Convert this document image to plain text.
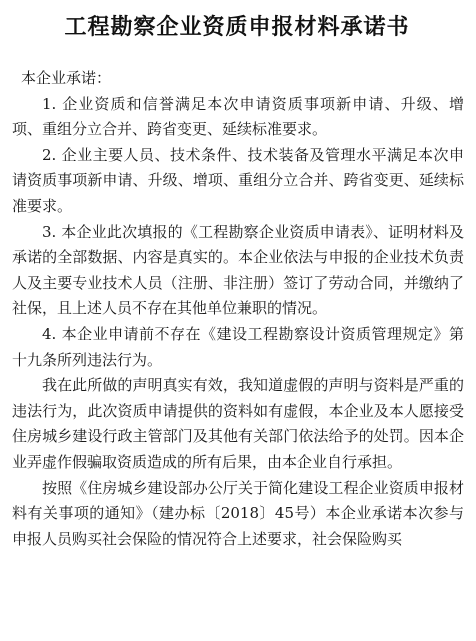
工程勘察企业资质申报材料承诺书

本企业承诺：

1. 企业资质和信誉满足本次申请资质事项新申请、升级、增项、重组分立合并、跨省变更、延续标准要求。

2. 企业主要人员、技术条件、技术装备及管理水平满足本次申请资质事项新申请、升级、增项、重组分立合并、跨省变更、延续标准要求。

3. 本企业此次填报的《工程勘察企业资质申请表》、证明材料及承诺的全部数据、内容是真实的。本企业依法与申报的企业技术负责人及主要专业技术人员（注册、非注册）签订了劳动合同，并缴纳了社保，且上述人员不存在其他单位兼职的情况。

4. 本企业申请前不存在《建设工程勘察设计资质管理规定》第十九条所列违法行为。

我在此所做的声明真实有效，我知道虚假的声明与资料是严重的违法行为，此次资质申请提供的资料如有虚假，本企业及本人愿接受住房城乡建设行政主管部门及其他有关部门依法给予的处罚。因本企业弄虚作假骗取资质造成的所有后果，由本企业自行承担。

按照《住房城乡建设部办公厅关于简化建设工程企业资质申报材料有关事项的通知》（建办标〔2018〕45号）本企业承诺本次参与申报人员购买社会保险的情况符合上述要求，社会保险购买
